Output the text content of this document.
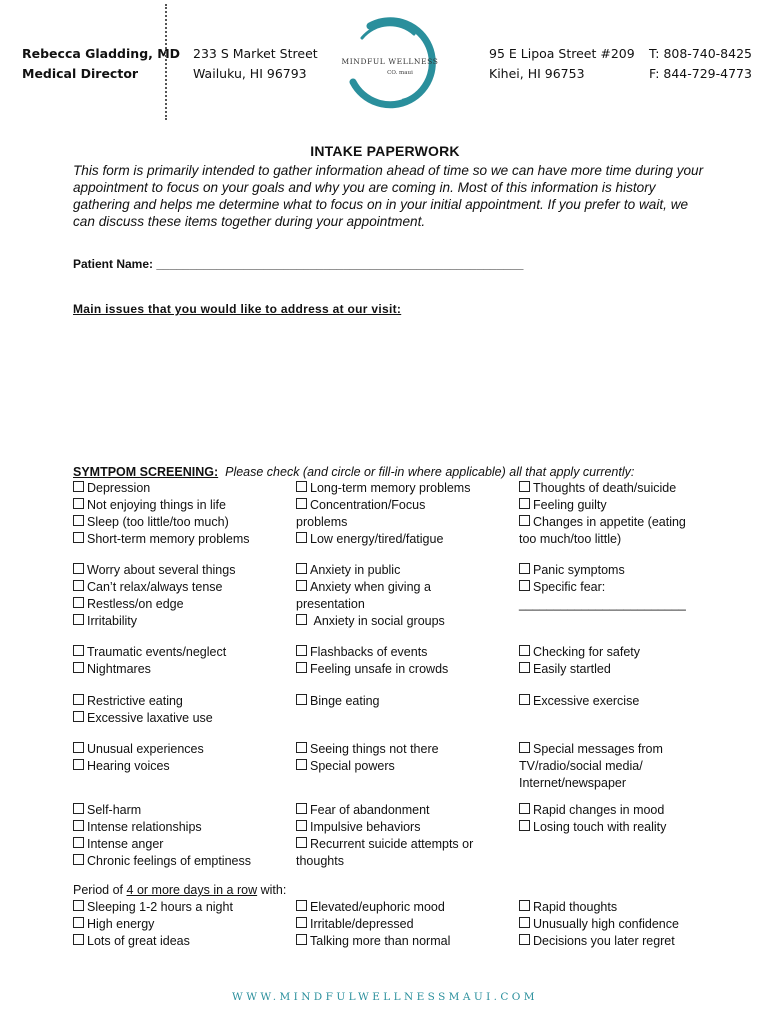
Rebecca Gladding, MD
Medical Director
233 S Market Street
Wailuku, HI 96793
MINDFUL WELLNESS
CO. maui
95 E Lipoa Street #209
Kihei, HI 96753
T: 808-740-8425
F: 844-729-4773
INTAKE PAPERWORK
This form is primarily intended to gather information ahead of time so we can have more time during your appointment to focus on your goals and why you are coming in. Most of this information is history gathering and helps me determine what to focus on in your initial appointment. If you prefer to wait, we can discuss these items together during your appointment.
Patient Name: _______________________________________________________
Main issues that you would like to address at our visit:
SYMTPOM SCREENING: Please check (and circle or fill-in where applicable) all that apply currently:
Depression
Not enjoying things in life
Sleep (too little/too much)
Short-term memory problems
Long-term memory problems
Concentration/Focus
problems
Low energy/tired/fatigue
Thoughts of death/suicide
Feeling guilty
Changes in appetite (eating
too much/too little)
Worry about several things
Can’t relax/always tense
Restless/on edge
Irritability
Anxiety in public
Anxiety when giving a
presentation
Anxiety in social groups
Panic symptoms
Specific fear:
________________________
Traumatic events/neglect
Nightmares
Flashbacks of events
Feeling unsafe in crowds
Checking for safety
Easily startled
Restrictive eating
Excessive laxative use
Binge eating	Excessive exercise
Unusual experiences
Hearing voices
Seeing things not there
Special powers
Special messages from
TV/radio/social media/
Internet/newspaper
Self-harm
Intense relationships
Intense anger
Chronic feelings of emptiness
Fear of abandonment
Impulsive behaviors
Recurrent suicide attempts or
thoughts
Rapid changes in mood
Losing touch with reality
Period of 4 or more days in a row with:
Sleeping 1-2 hours a night
High energy
Lots of great ideas
Elevated/euphoric mood
Irritable/depressed
Talking more than normal
Rapid thoughts
Unusually high confidence
Decisions you later regret
WWW.MINDFULWELLNESSMAUI.COM
